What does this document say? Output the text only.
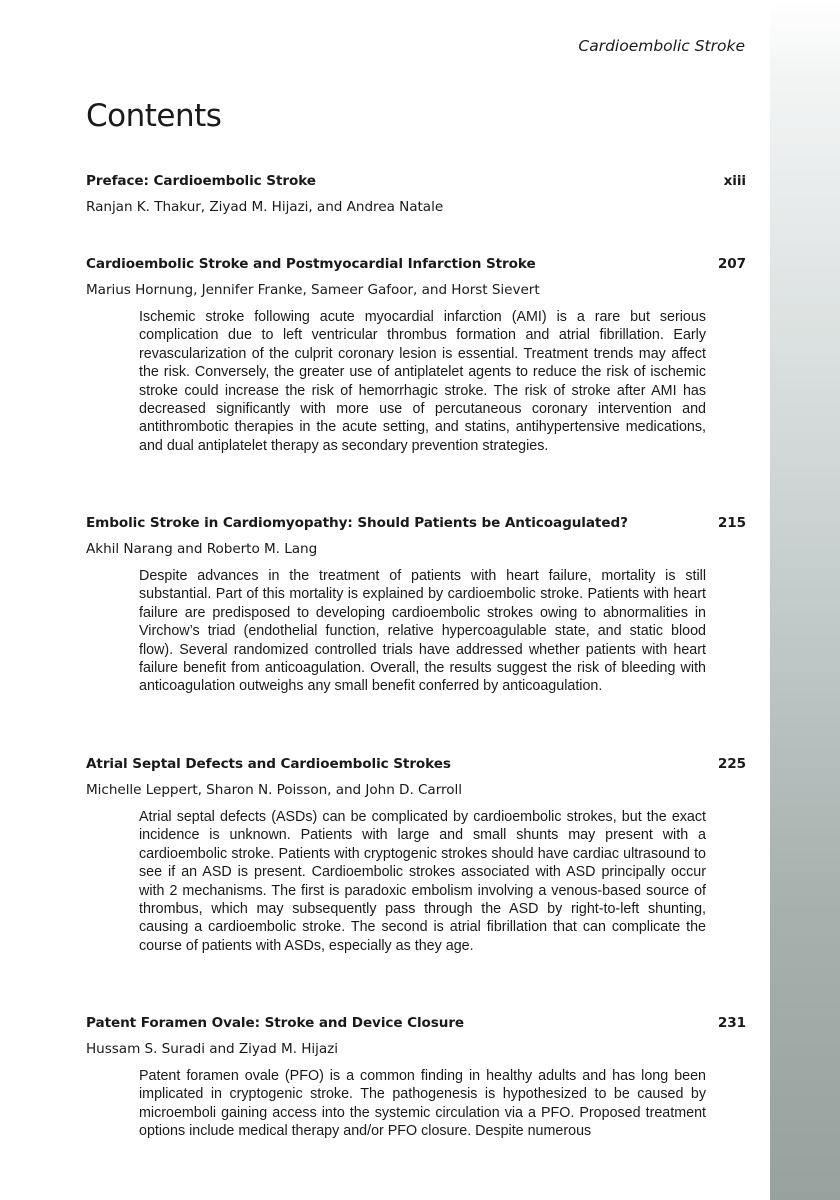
Cardioembolic Stroke
Contents
Preface: Cardioembolic Stroke	xiii
Ranjan K. Thakur, Ziyad M. Hijazi, and Andrea Natale
Cardioembolic Stroke and Postmyocardial Infarction Stroke	207
Marius Hornung, Jennifer Franke, Sameer Gafoor, and Horst Sievert

Ischemic stroke following acute myocardial infarction (AMI) is a rare but serious complication due to left ventricular thrombus formation and atrial fibrillation. Early revascularization of the culprit coronary lesion is essential. Treatment trends may affect the risk. Conversely, the greater use of antiplatelet agents to reduce the risk of ischemic stroke could increase the risk of hemorrhagic stroke. The risk of stroke after AMI has decreased significantly with more use of percutaneous coronary intervention and antithrombotic therapies in the acute setting, and statins, antihypertensive medications, and dual antiplatelet therapy as secondary prevention strategies.

Embolic Stroke in Cardiomyopathy: Should Patients be Anticoagulated?	215
Akhil Narang and Roberto M. Lang

Despite advances in the treatment of patients with heart failure, mortality is still substantial. Part of this mortality is explained by cardioembolic stroke. Patients with heart failure are predisposed to developing cardioembolic strokes owing to abnormalities in Virchow’s triad (endothelial function, relative hypercoagulable state, and static blood flow). Several randomized controlled trials have addressed whether patients with heart failure benefit from anticoagulation. Overall, the results suggest the risk of bleeding with anticoagulation outweighs any small benefit conferred by anticoagulation.

Atrial Septal Defects and Cardioembolic Strokes	225
Michelle Leppert, Sharon N. Poisson, and John D. Carroll

Atrial septal defects (ASDs) can be complicated by cardioembolic strokes, but the exact incidence is unknown. Patients with large and small shunts may present with a cardioembolic stroke. Patients with cryptogenic strokes should have cardiac ultrasound to see if an ASD is present. Cardioembolic strokes associated with ASD principally occur with 2 mechanisms. The first is paradoxic embolism involving a venous-based source of thrombus, which may subsequently pass through the ASD by right-to-left shunting, causing a cardioembolic stroke. The second is atrial fibrillation that can complicate the course of patients with ASDs, especially as they age.

Patent Foramen Ovale: Stroke and Device Closure	231
Hussam S. Suradi and Ziyad M. Hijazi

Patent foramen ovale (PFO) is a common finding in healthy adults and has long been implicated in cryptogenic stroke. The pathogenesis is hypothesized to be caused by microemboli gaining access into the systemic circulation via a PFO. Proposed treatment options include medical therapy and/or PFO closure. Despite numerous
